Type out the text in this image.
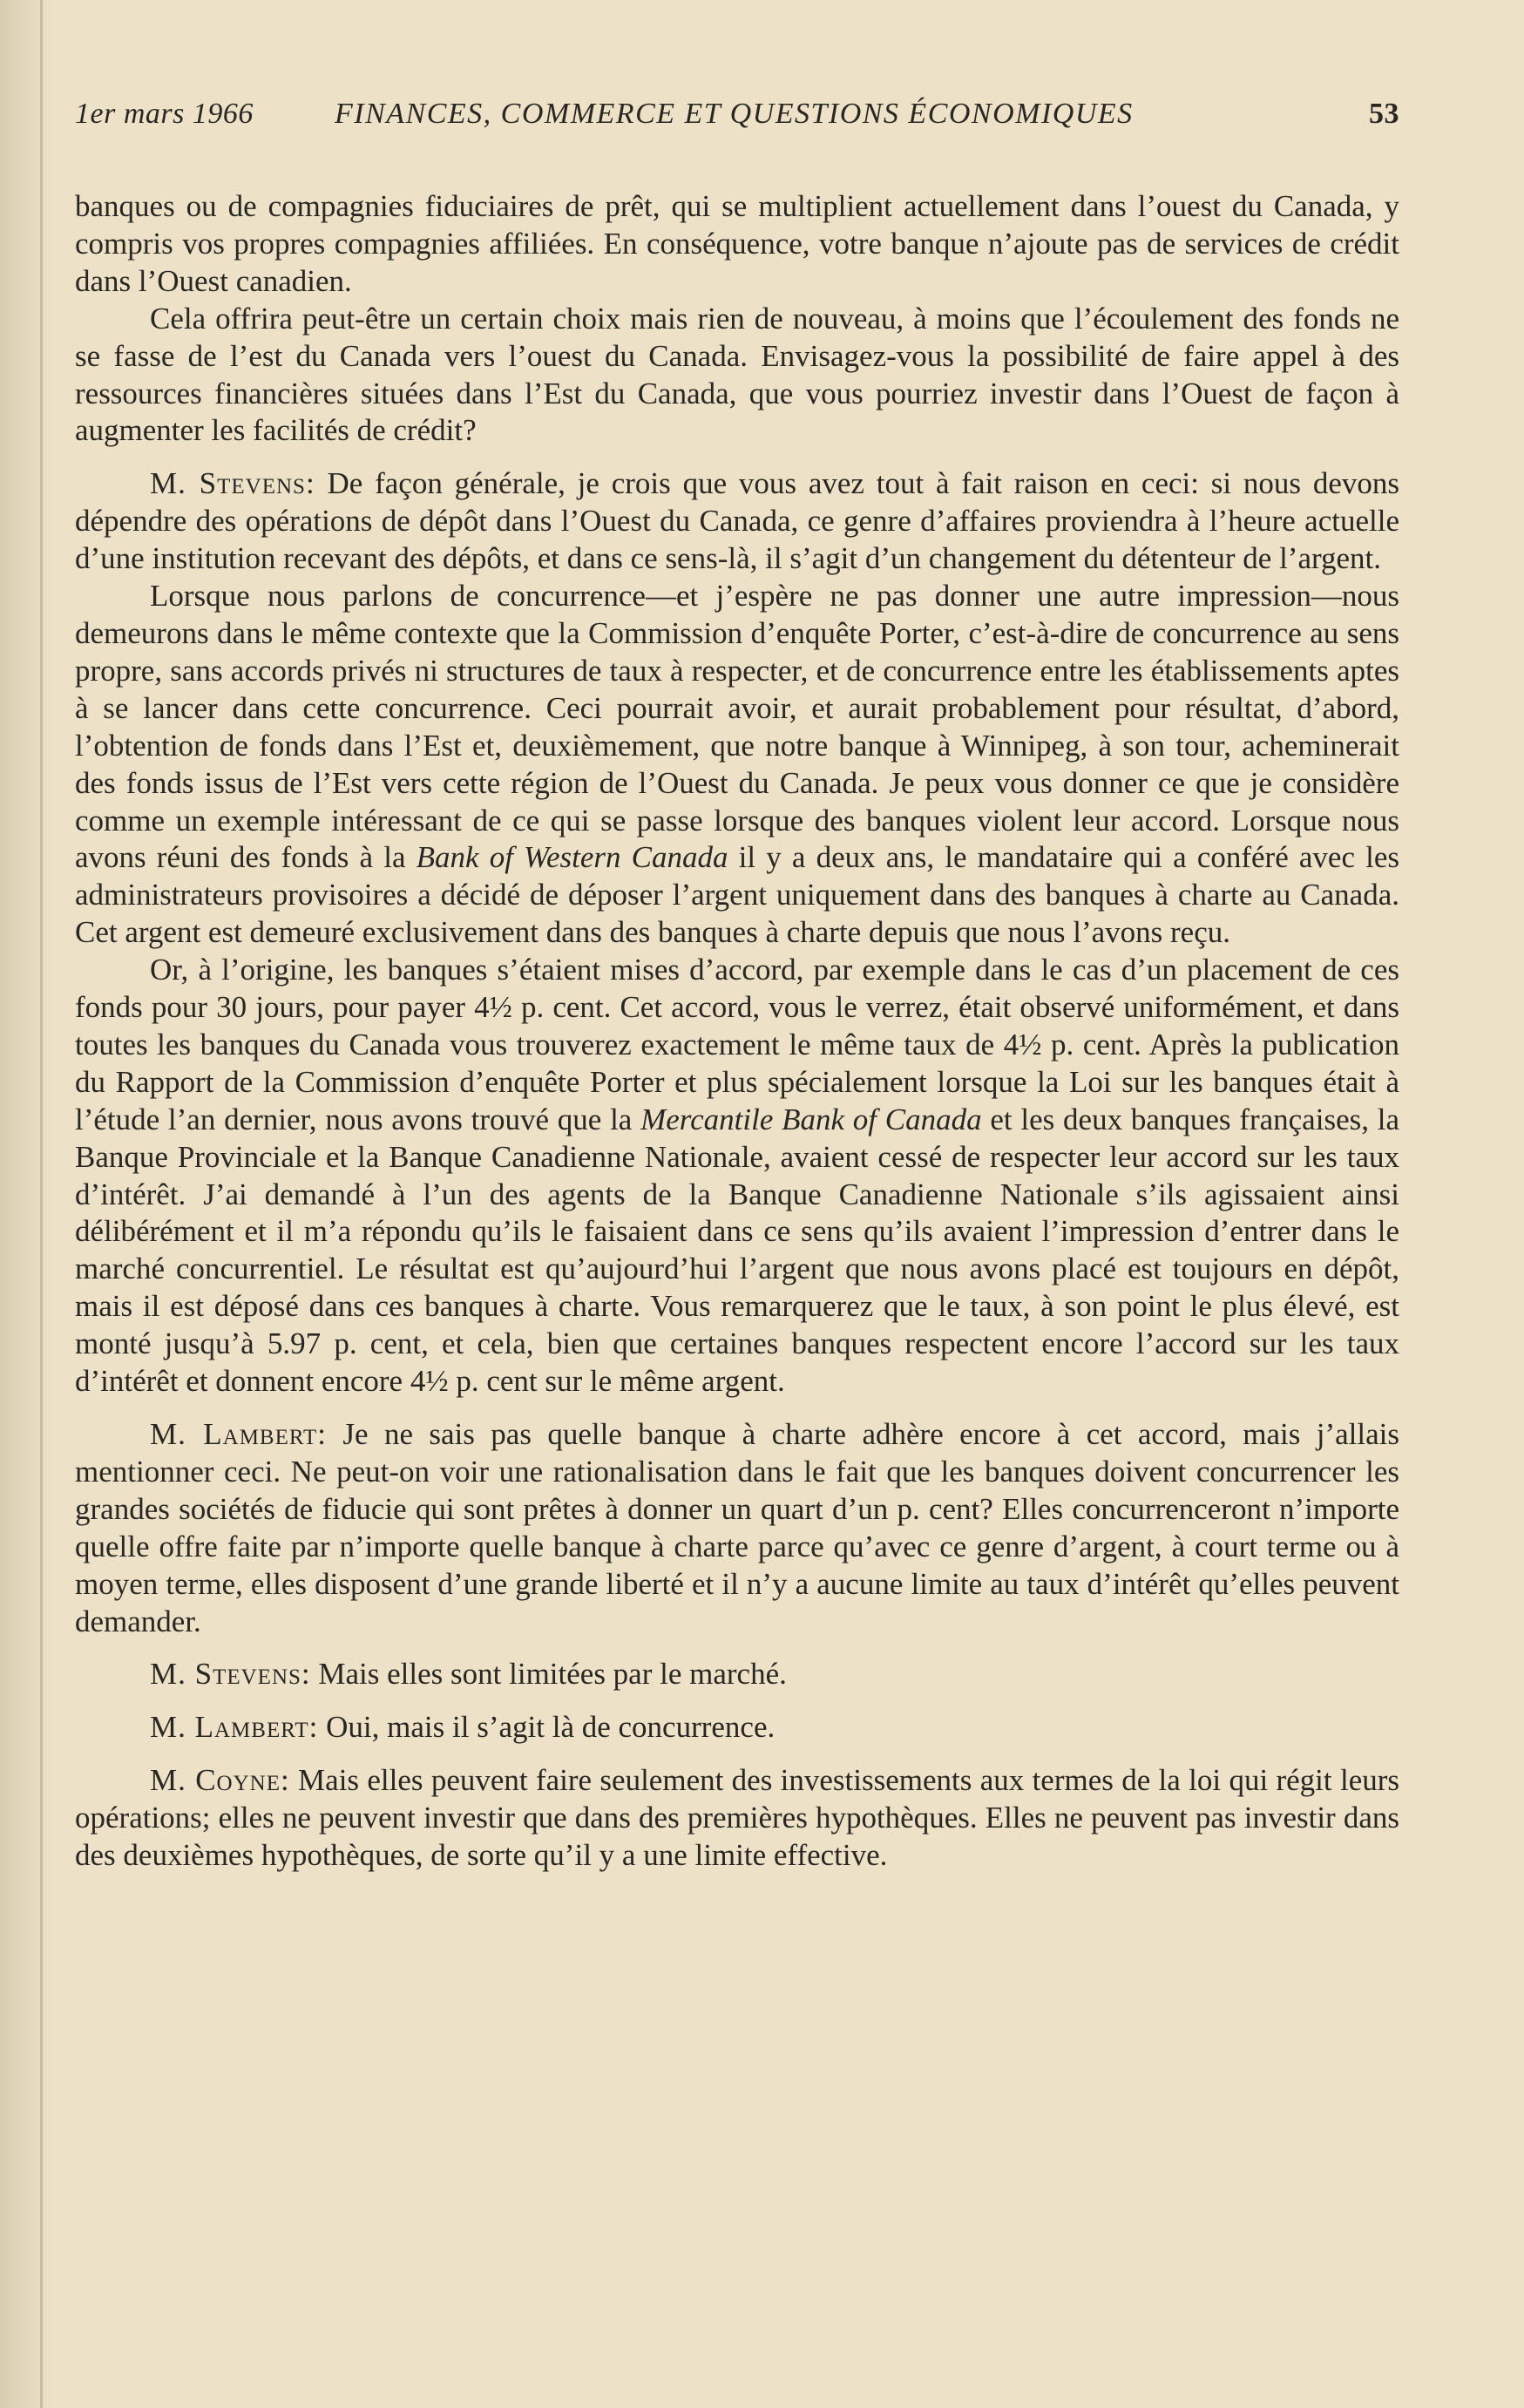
1er mars 1966	FINANCES, COMMERCE ET QUESTIONS ÉCONOMIQUES	53

banques ou de compagnies fiduciaires de prêt, qui se multiplient actuellement dans l’ouest du Canada, y compris vos propres compagnies affiliées. En conséquence, votre banque n’ajoute pas de services de crédit dans l’Ouest canadien.

Cela offrira peut-être un certain choix mais rien de nouveau, à moins que l’écoulement des fonds ne se fasse de l’est du Canada vers l’ouest du Canada. Envisagez-vous la possibilité de faire appel à des ressources financières situées dans l’Est du Canada, que vous pourriez investir dans l’Ouest de façon à augmenter les facilités de crédit?

M. Stevens: De façon générale, je crois que vous avez tout à fait raison en ceci: si nous devons dépendre des opérations de dépôt dans l’Ouest du Canada, ce genre d’affaires proviendra à l’heure actuelle d’une institution recevant des dépôts, et dans ce sens-là, il s’agit d’un changement du détenteur de l’argent.

Lorsque nous parlons de concurrence—et j’espère ne pas donner une autre impression—nous demeurons dans le même contexte que la Commission d’enquête Porter, c’est-à-dire de concurrence au sens propre, sans accords privés ni structures de taux à respecter, et de concurrence entre les établissements aptes à se lancer dans cette concurrence. Ceci pourrait avoir, et aurait probablement pour résultat, d’abord, l’obtention de fonds dans l’Est et, deuxièmement, que notre banque à Winnipeg, à son tour, acheminerait des fonds issus de l’Est vers cette région de l’Ouest du Canada. Je peux vous donner ce que je considère comme un exemple intéressant de ce qui se passe lorsque des banques violent leur accord. Lorsque nous avons réuni des fonds à la Bank of Western Canada il y a deux ans, le mandataire qui a conféré avec les administrateurs provisoires a décidé de déposer l’argent uniquement dans des banques à charte au Canada. Cet argent est demeuré exclusivement dans des banques à charte depuis que nous l’avons reçu.

Or, à l’origine, les banques s’étaient mises d’accord, par exemple dans le cas d’un placement de ces fonds pour 30 jours, pour payer 4½ p. cent. Cet accord, vous le verrez, était observé uniformément, et dans toutes les banques du Canada vous trouverez exactement le même taux de 4½ p. cent. Après la publication du Rapport de la Commission d’enquête Porter et plus spécialement lorsque la Loi sur les banques était à l’étude l’an dernier, nous avons trouvé que la Mercantile Bank of Canada et les deux banques françaises, la Banque Provinciale et la Banque Canadienne Nationale, avaient cessé de respecter leur accord sur les taux d’intérêt. J’ai demandé à l’un des agents de la Banque Canadienne Nationale s’ils agissaient ainsi délibérément et il m’a répondu qu’ils le faisaient dans ce sens qu’ils avaient l’impression d’entrer dans le marché concurrentiel. Le résultat est qu’aujourd’hui l’argent que nous avons placé est toujours en dépôt, mais il est déposé dans ces banques à charte. Vous remarquerez que le taux, à son point le plus élevé, est monté jusqu’à 5.97 p. cent, et cela, bien que certaines banques respectent encore l’accord sur les taux d’intérêt et donnent encore 4½ p. cent sur le même argent.

M. Lambert: Je ne sais pas quelle banque à charte adhère encore à cet accord, mais j’allais mentionner ceci. Ne peut-on voir une rationalisation dans le fait que les banques doivent concurrencer les grandes sociétés de fiducie qui sont prêtes à donner un quart d’un p. cent? Elles concurrenceront n’importe quelle offre faite par n’importe quelle banque à charte parce qu’avec ce genre d’argent, à court terme ou à moyen terme, elles disposent d’une grande liberté et il n’y a aucune limite au taux d’intérêt qu’elles peuvent demander.

M. Stevens: Mais elles sont limitées par le marché.

M. Lambert: Oui, mais il s’agit là de concurrence.

M. Coyne: Mais elles peuvent faire seulement des investissements aux termes de la loi qui régit leurs opérations; elles ne peuvent investir que dans des premières hypothèques. Elles ne peuvent pas investir dans des deuxièmes hypothèques, de sorte qu’il y a une limite effective.
